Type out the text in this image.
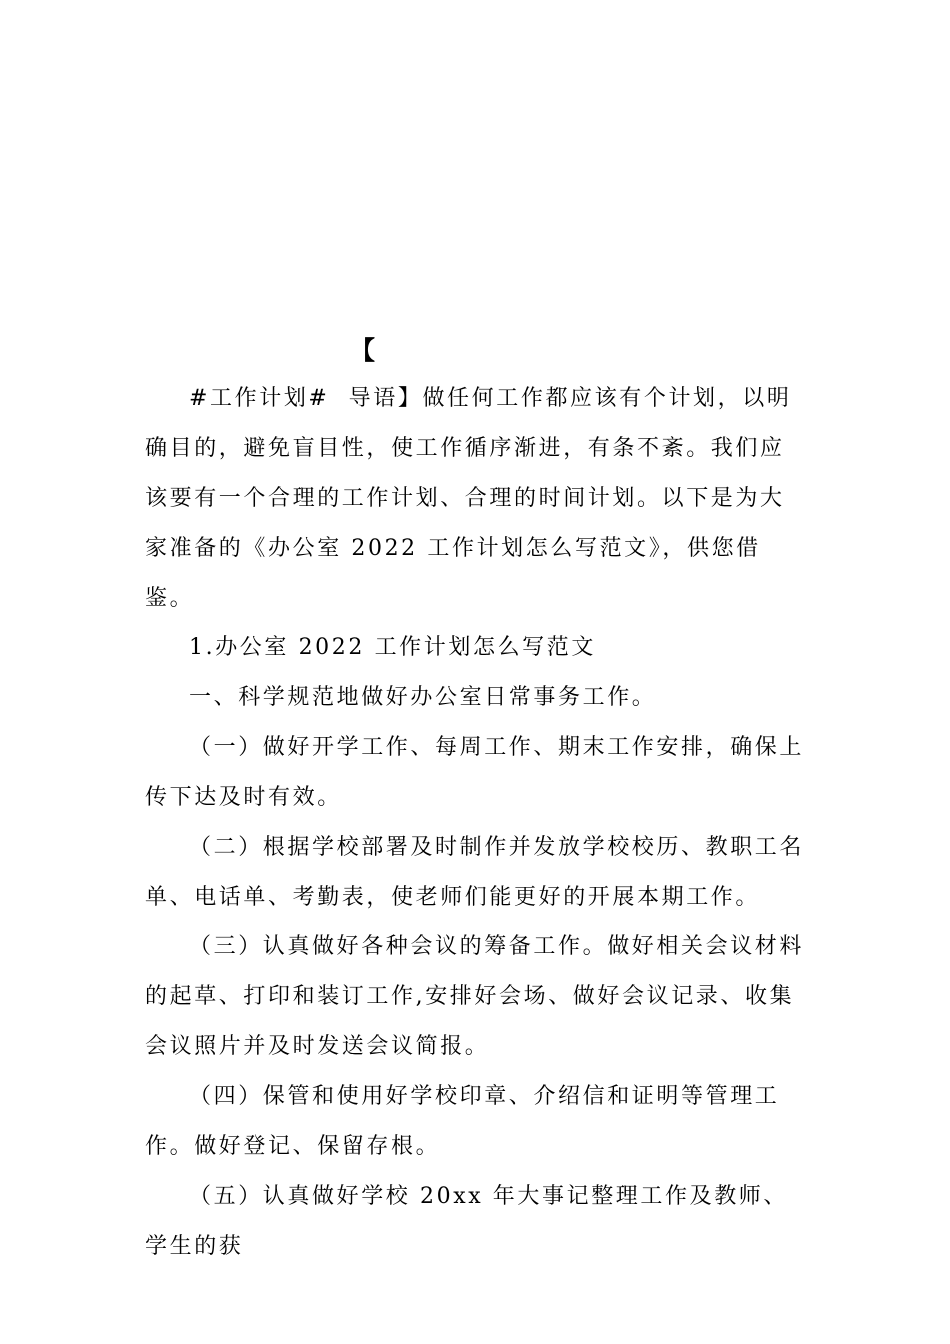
【
#工作计划#  导语】做任何工作都应该有个计划，以明确目的，避免盲目性，使工作循序渐进，有条不紊。我们应该要有一个合理的工作计划、合理的时间计划。以下是为大家准备的《办公室 2022 工作计划怎么写范文》，供您借鉴。
1.办公室 2022 工作计划怎么写范文
一、科学规范地做好办公室日常事务工作。
（一）做好开学工作、每周工作、期末工作安排，确保上传下达及时有效。
（二）根据学校部署及时制作并发放学校校历、教职工名单、电话单、考勤表，使老师们能更好的开展本期工作。
（三）认真做好各种会议的筹备工作。做好相关会议材料的起草、打印和装订工作,安排好会场、做好会议记录、收集会议照片并及时发送会议简报。
（四）保管和使用好学校印章、介绍信和证明等管理工作。做好登记、保留存根。
（五）认真做好学校 20xx 年大事记整理工作及教师、学生的获
